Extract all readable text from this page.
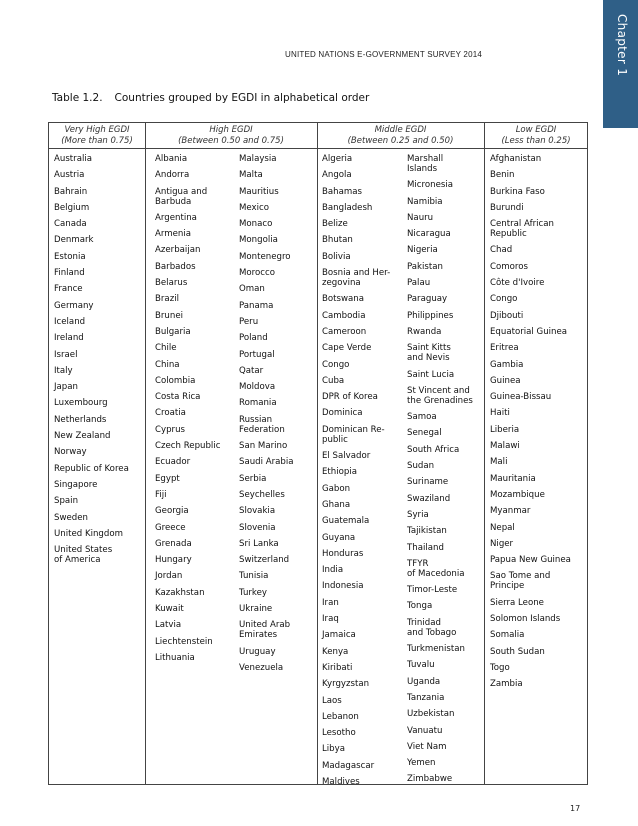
Chapter 1
UNITED NATIONS E-GOVERNMENT SURVEY 2014
Table 1.2. Countries grouped by EGDI in alphabetical order
Very High EGDI
(More than 0.75)
High EGDI
(Between 0.50 and 0.75)
Middle EGDI
(Between 0.25 and 0.50)
Low EGDI
(Less than 0.25)
Australia
Austria
Bahrain
Belgium
Canada
Denmark
Estonia
Finland
France
Germany
Iceland
Ireland
Israel
Italy
Japan
Luxembourg
Netherlands
New Zealand
Norway
Republic of Korea
Singapore
Spain
Sweden
United Kingdom
United States
of America
Albania
Andorra
Antigua and
Barbuda
Argentina
Armenia
Azerbaijan
Barbados
Belarus
Brazil
Brunei
Bulgaria
Chile
China
Colombia
Costa Rica
Croatia
Cyprus
Czech Republic
Ecuador
Egypt
Fiji
Georgia
Greece
Grenada
Hungary
Jordan
Kazakhstan
Kuwait
Latvia
Liechtenstein
Lithuania
Malaysia
Malta
Mauritius
Mexico
Monaco
Mongolia
Montenegro
Morocco
Oman
Panama
Peru
Poland
Portugal
Qatar
Moldova
Romania
Russian
Federation
San Marino
Saudi Arabia
Serbia
Seychelles
Slovakia
Slovenia
Sri Lanka
Switzerland
Tunisia
Turkey
Ukraine
United Arab
Emirates
Uruguay
Venezuela
Algeria
Angola
Bahamas
Bangladesh
Belize
Bhutan
Bolivia
Bosnia and Her-
zegovina
Botswana
Cambodia
Cameroon
Cape Verde
Congo
Cuba
DPR of Korea
Dominica
Dominican Re-
public
El Salvador
Ethiopia
Gabon
Ghana
Guatemala
Guyana
Honduras
India
Indonesia
Iran
Iraq
Jamaica
Kenya
Kiribati
Kyrgyzstan
Laos
Lebanon
Lesotho
Libya
Madagascar
Maldives
Marshall
Islands
Micronesia
Namibia
Nauru
Nicaragua
Nigeria
Pakistan
Palau
Paraguay
Philippines
Rwanda
Saint Kitts
and Nevis
Saint Lucia
St Vincent and
the Grenadines
Samoa
Senegal
South Africa
Sudan
Suriname
Swaziland
Syria
Tajikistan
Thailand
TFYR
of Macedonia
Timor-Leste
Tonga
Trinidad
and Tobago
Turkmenistan
Tuvalu
Uganda
Tanzania
Uzbekistan
Vanuatu
Viet Nam
Yemen
Zimbabwe
Afghanistan
Benin
Burkina Faso
Burundi
Central African
Republic
Chad
Comoros
Côte d'Ivoire
Congo
Djibouti
Equatorial Guinea
Eritrea
Gambia
Guinea
Guinea-Bissau
Haiti
Liberia
Malawi
Mali
Mauritania
Mozambique
Myanmar
Nepal
Niger
Papua New Guinea
Sao Tome and
Principe
Sierra Leone
Solomon Islands
Somalia
South Sudan
Togo
Zambia
17
